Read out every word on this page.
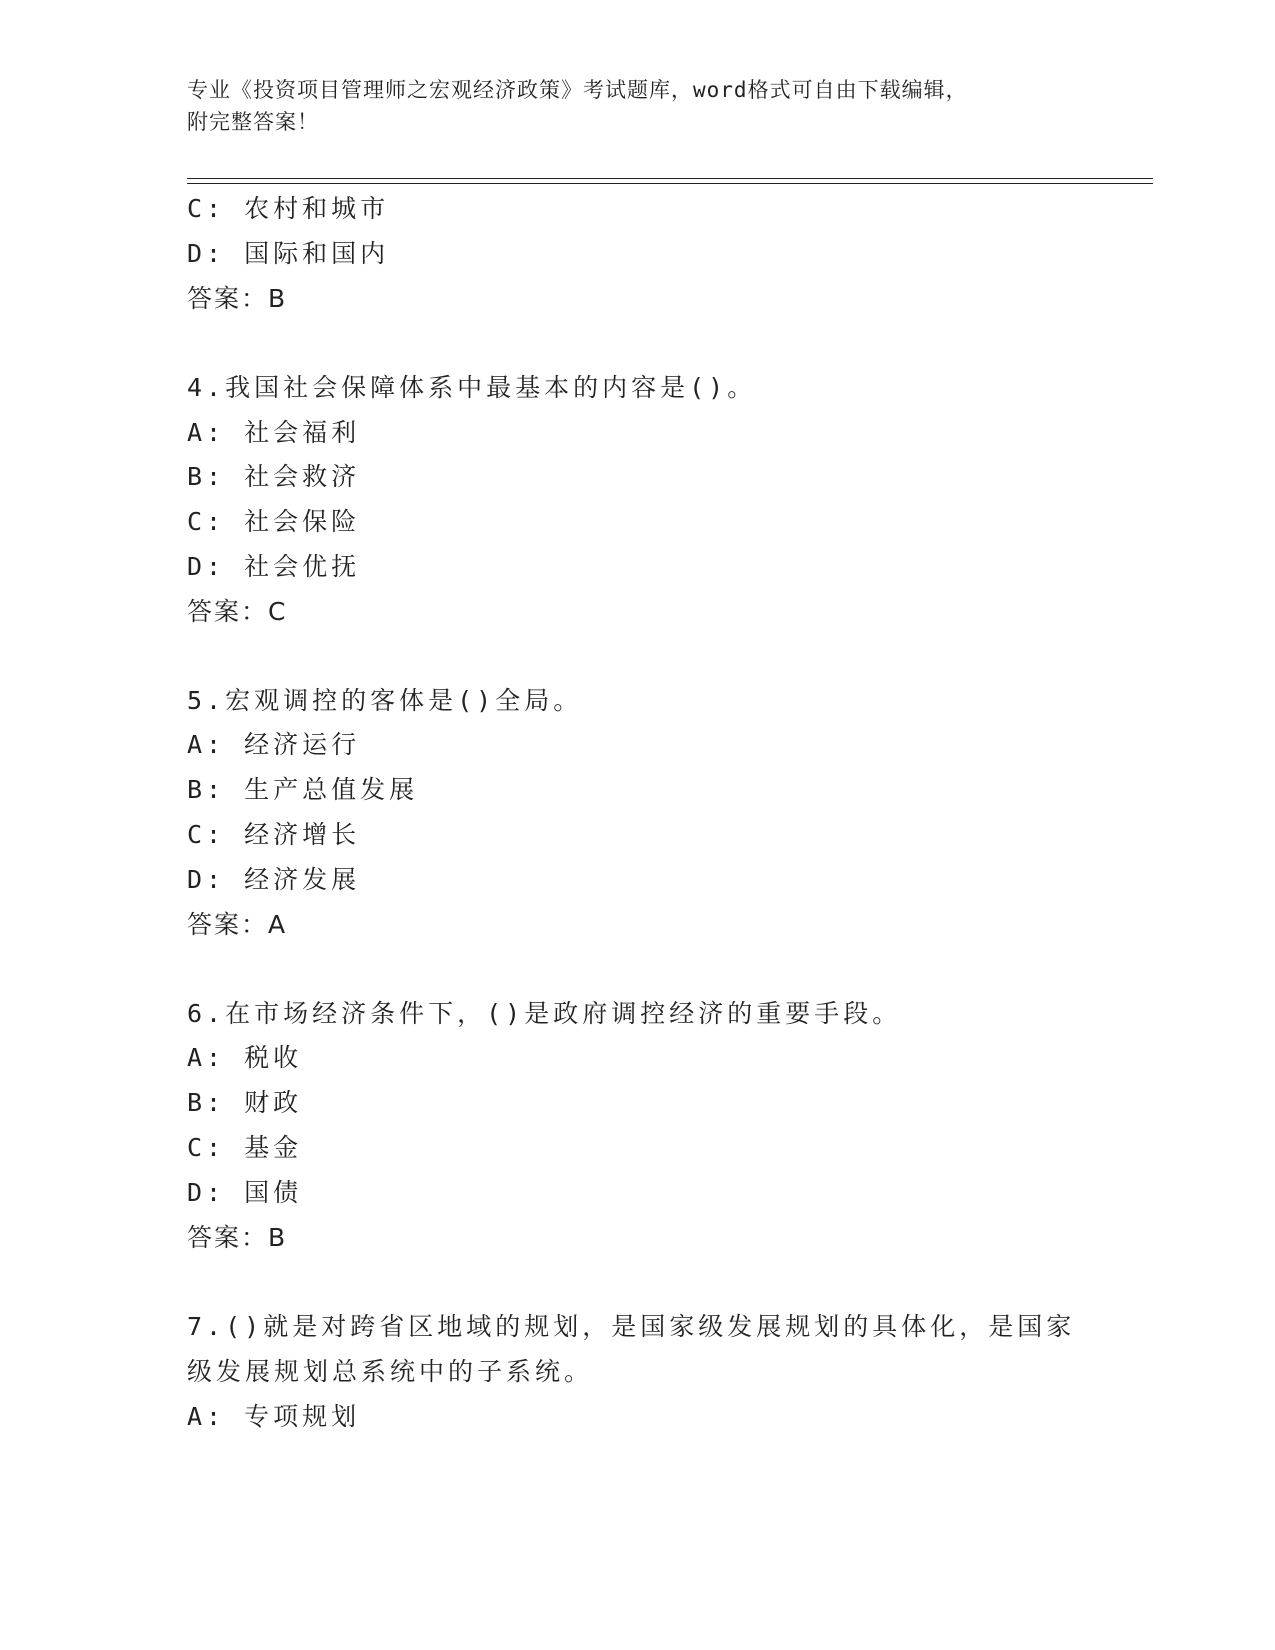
专业《投资项目管理师之宏观经济政策》考试题库，word格式可自由下载编辑，
附完整答案！
C: 农村和城市
D: 国际和国内
答案：B
4.我国社会保障体系中最基本的内容是()。
A: 社会福利
B: 社会救济
C: 社会保险
D: 社会优抚
答案：C
5.宏观调控的客体是()全局。
A: 经济运行
B: 生产总值发展
C: 经济增长
D: 经济发展
答案：A
6.在市场经济条件下，()是政府调控经济的重要手段。
A: 税收
B: 财政
C: 基金
D: 国债
答案：B
7.()就是对跨省区地域的规划，是国家级发展规划的具体化，是国家
级发展规划总系统中的子系统。
A: 专项规划
